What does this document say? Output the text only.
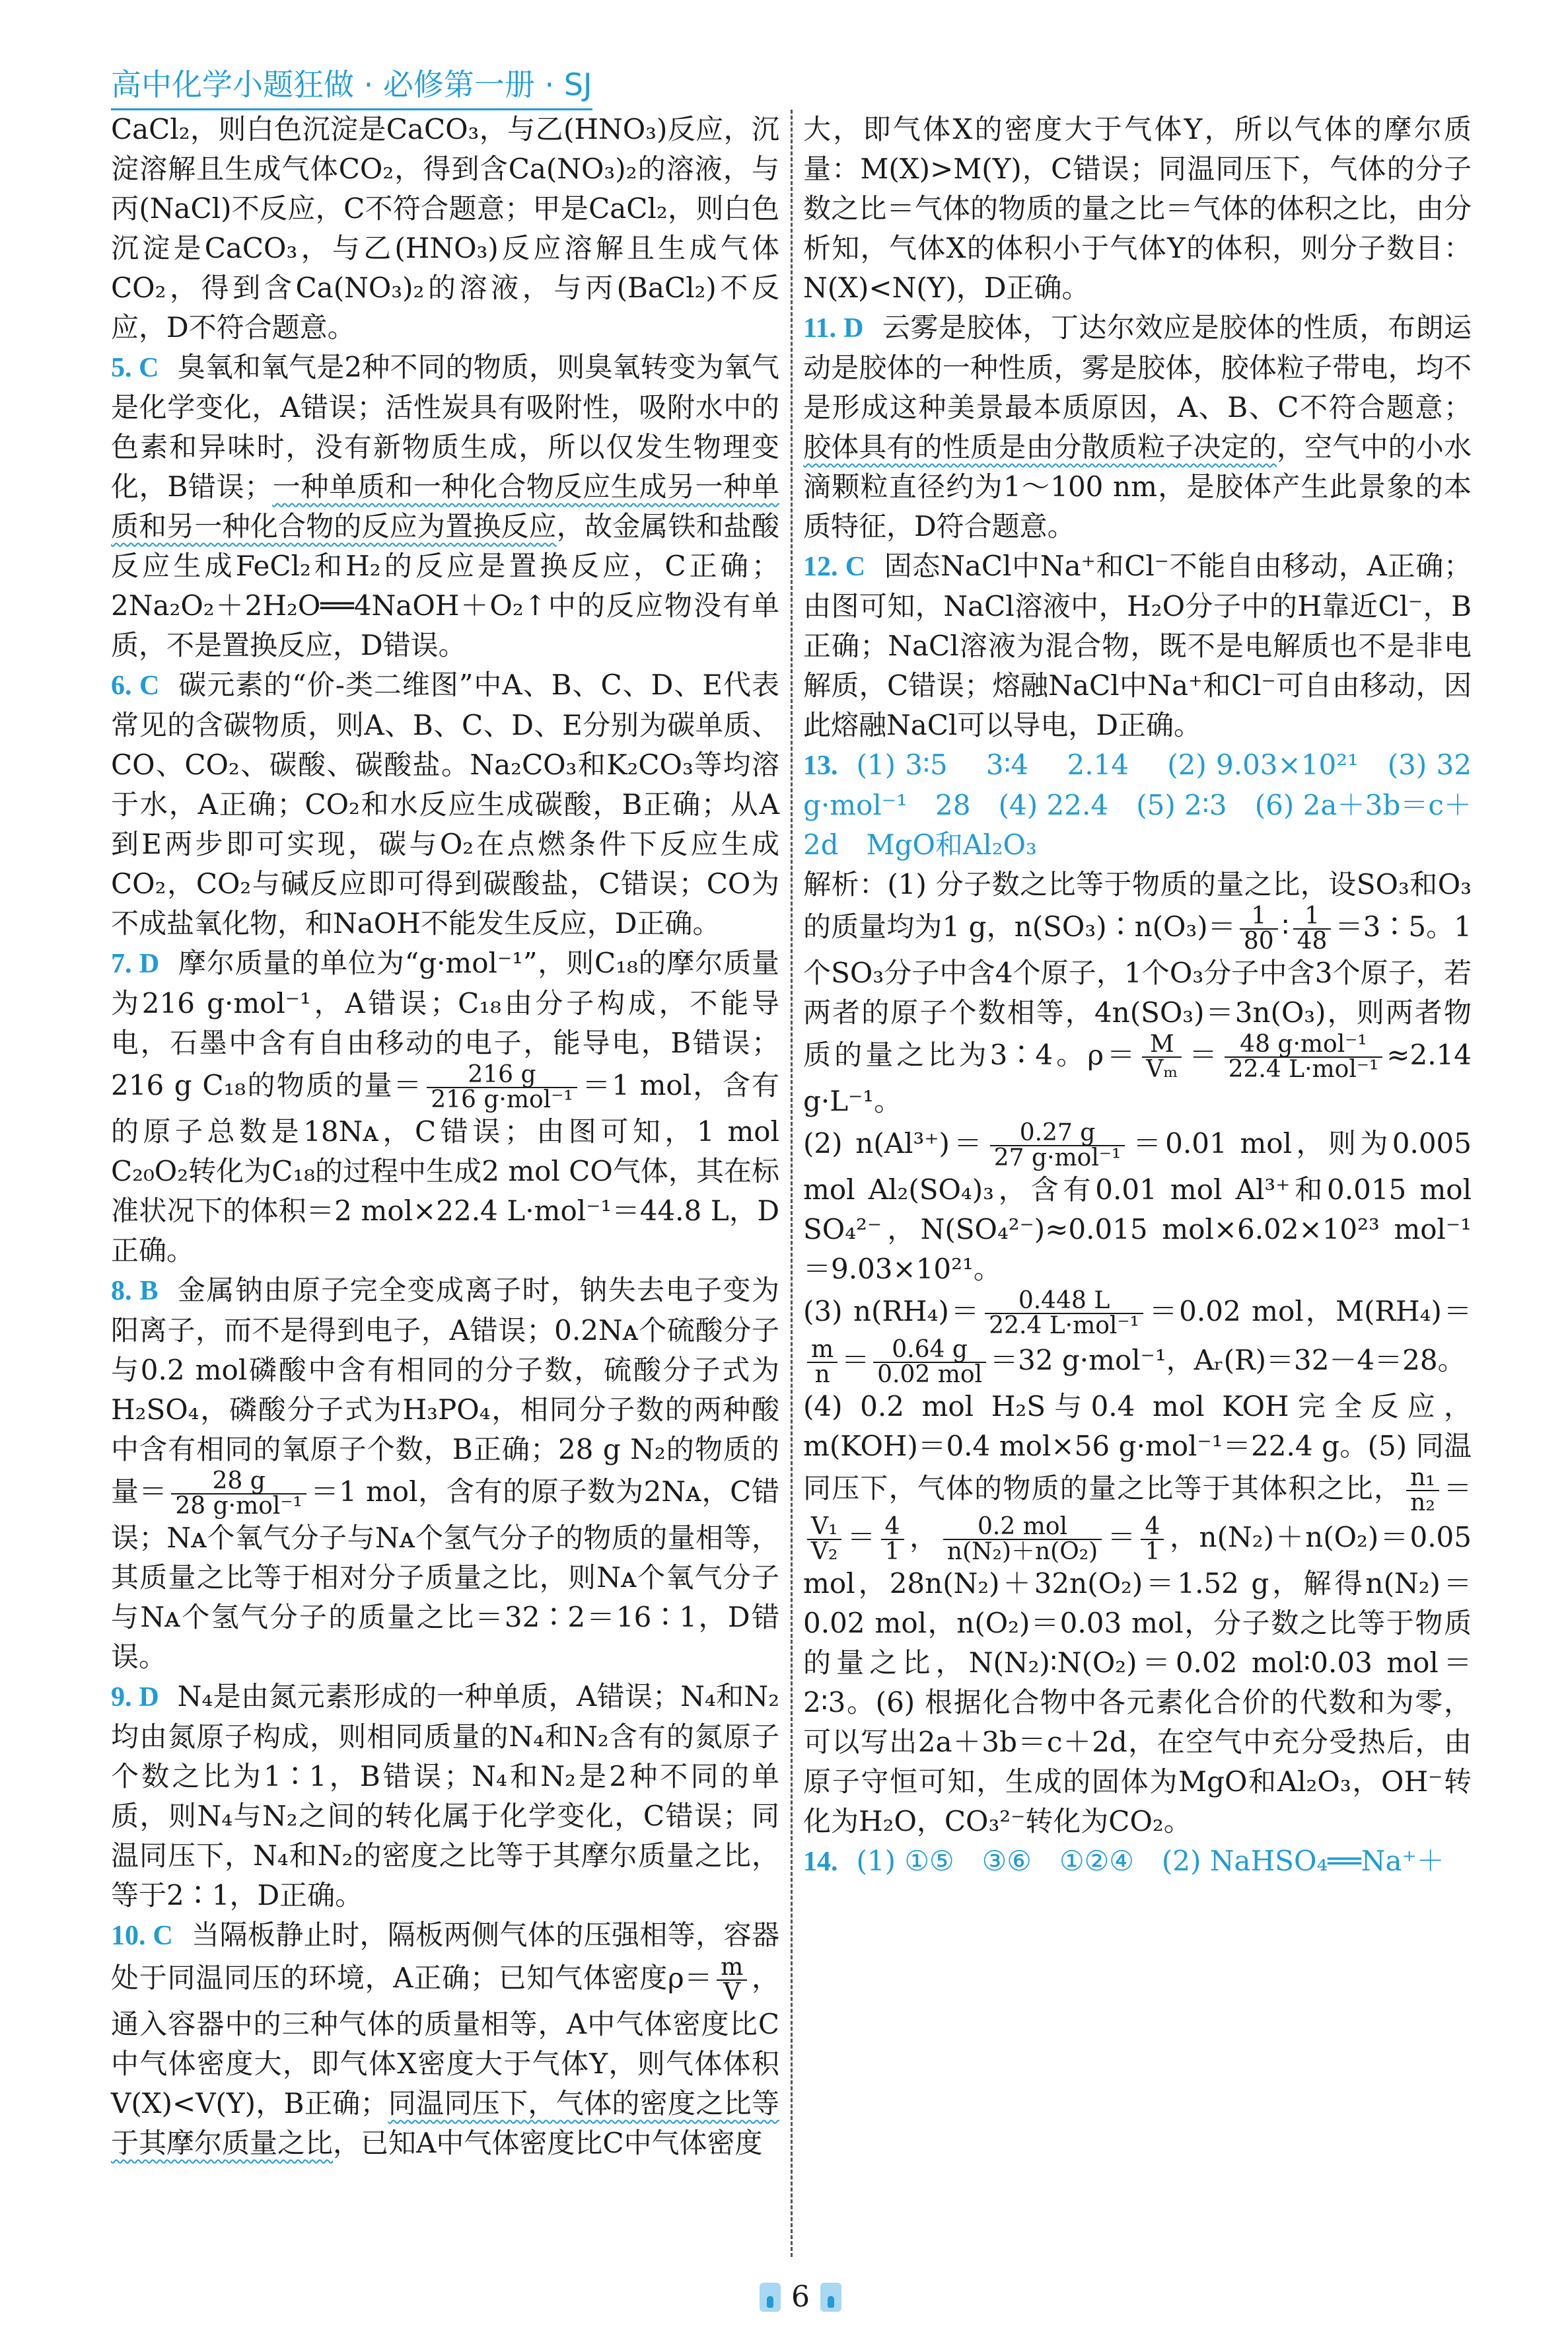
高中化学小题狂做 · 必修第一册 · SJ

CaCl₂，则白色沉淀是CaCO₃，与乙(HNO₃)反应，沉淀溶解且生成气体CO₂，得到含Ca(NO₃)₂的溶液，与丙(NaCl)不反应，C不符合题意；甲是CaCl₂，则白色沉淀是CaCO₃，与乙(HNO₃)反应溶解且生成气体CO₂，得到含Ca(NO₃)₂的溶液，与丙(BaCl₂)不反应，D不符合题意。

5. C 臭氧和氧气是2种不同的物质，则臭氧转变为氧气是化学变化，A错误；活性炭具有吸附性，吸附水中的色素和异味时，没有新物质生成，所以仅发生物理变化，B错误；一种单质和一种化合物反应生成另一种单质和另一种化合物的反应为置换反应，故金属铁和盐酸反应生成FeCl₂和H₂的反应是置换反应，C正确；2Na₂O₂＋2H₂O══4NaOH＋O₂↑中的反应物没有单质，不是置换反应，D错误。

6. C 碳元素的“价-类二维图”中A、B、C、D、E代表常见的含碳物质，则A、B、C、D、E分别为碳单质、CO、CO₂、碳酸、碳酸盐。Na₂CO₃和K₂CO₃等均溶于水，A正确；CO₂和水反应生成碳酸，B正确；从A到E两步即可实现，碳与O₂在点燃条件下反应生成CO₂，CO₂与碱反应即可得到碳酸盐，C错误；CO为不成盐氧化物，和NaOH不能发生反应，D正确。

7. D 摩尔质量的单位为“g·mol⁻¹”，则C₁₈的摩尔质量为216 g·mol⁻¹，A错误；C₁₈由分子构成，不能导电，石墨中含有自由移动的电子，能导电，B错误；216 g C₁₈的物质的量＝ $\frac{216 g}{\text{216 g·mol⁻¹}} =1$ mol，含有的原子总数是18Nᴀ，C错误；由图可知，1 mol C₂₀O₂转化为C₁₈的过程中生成2 mol CO气体，其在标准状况下的体积＝2 mol×22.4 L·mol⁻¹＝44.8 L，D正确。

8. B 金属钠由原子完全变成离子时，钠失去电子变为阳离子，而不是得到电子，A错误；0.2Nᴀ个硫酸分子与0.2 mol磷酸中含有相同的分子数，硫酸分子式为H₂SO₄，磷酸分子式为H₃PO₄，相同分子数的两种酸中含有相同的氧原子个数，B正确；28 g N₂的物质的量＝ $\frac{28 g}{\text{28 g·mol⁻¹}} =1$ mol，含有的原子数为2Nᴀ，C错误；Nᴀ个氧气分子与Nᴀ个氢气分子的物质的量相等，其质量之比等于相对分子质量之比，则Nᴀ个氧气分子与Nᴀ个氢气分子的质量之比＝32∶2＝16∶1，D错误。

9. D N₄是由氮元素形成的一种单质，A错误；N₄和N₂均由氮原子构成，则相同质量的N₄和N₂含有的氮原子个数之比为1∶1，B错误；N₄和N₂是2种不同的单质，则N₄与N₂之间的转化属于化学变化，C错误；同温同压下，N₄和N₂的密度之比等于其摩尔质量之比，等于2∶1，D正确。

10. C 当隔板静止时，隔板两侧气体的压强相等，容器处于同温同压的环境，A正确；已知气体密度$\rho= \frac{m}{V}$ ，通入容器中的三种气体的质量相等，A中气体密度比C中气体密度大，即气体X密度大于气体Y，则气体体积V(X)<V(Y)，B正确；同温同压下，气体的密度之比等于其摩尔质量之比，已知A中气体密度比C中气体密度

大，即气体X的密度大于气体Y，所以气体的摩尔质量：M(X)>M(Y)，C错误；同温同压下，气体的分子数之比＝气体的物质的量之比＝气体的体积之比，由分析知，气体X的体积小于气体Y的体积，则分子数目：N(X)<N(Y)，D正确。

11. D 云雾是胶体，丁达尔效应是胶体的性质，布朗运动是胶体的一种性质，雾是胶体，胶体粒子带电，均不是形成这种美景最本质原因，A、B、C不符合题意；胶体具有的性质是由分散质粒子决定的，空气中的小水滴颗粒直径约为1～100 nm，是胶体产生此景象的本质特征，D符合题意。

12. C 固态NaCl中Na⁺和Cl⁻不能自由移动，A正确；由图可知，NaCl溶液中，H₂O分子中的H靠近Cl⁻，B正确；NaCl溶液为混合物，既不是电解质也不是非电解质，C错误；熔融NaCl中Na⁺和Cl⁻可自由移动，因此熔融NaCl可以导电，D正确。

13. (1) 3∶5　 3∶4　 2.14　 (2) 9.03×10²¹　(3) 32 g·mol⁻¹　28　(4) 22.4　(5) 2∶3　(6) 2a＋3b＝c＋2d　MgO和Al₂O₃

解析：(1) 分子数之比等于物质的量之比，设SO₃和O₃的质量均为1 g，n(SO₃)∶n(O₃)＝ $\frac{1}{80}$ ∶ $\frac{1}{48}$ ＝3∶5。1个SO₃分子中含4个原子，1个O₃分子中含3个原子，若两者的原子个数相等，4n(SO₃)＝3n(O₃)，则两者物质的量之比为3∶4。$\rho= \frac{M}{\text{Vₘ}} = \frac{\text{48 g·mol⁻¹}}{\text{22.4 L·mol⁻¹}} \approx 2.14$ g·L⁻¹。

(2) $n(Al^{3+})= \frac{0.27 g}{\text{27 g·mol⁻¹}} =0.01$ mol，则为0.005 mol Al₂(SO₄)₃，含有0.01 mol Al³⁺和0.015 mol SO₄²⁻，N(SO₄²⁻)≈0.015 mol×6.02×10²³ mol⁻¹＝9.03×10²¹。

(3) $n(RH_4)= \frac{0.448 L}{\text{22.4 L·mol⁻¹}} =0.02$ mol，M(RH₄)＝
$\frac{m}{n} = \frac{0.64 g}{\text{0.02 mol}} =32$ g·mol⁻¹，Aᵣ(R)＝32－4＝28。

(4) 0.2 mol H₂S与0.4 mol KOH完全反应，m(KOH)＝0.4 mol×56 g·mol⁻¹＝22.4 g。(5) 同温同压下，气体的物质的量之比等于其体积之比， $\frac{\text{n₁}}{\text{n₂}}$ ＝
$\frac{\text{V₁}}{\text{V₂}} = \frac{4}{1}$ ， $\frac{\text{0.2 mol}}{\text{n(N₂)＋n(O₂)}} = \frac{4}{1}$ ，n(N₂)＋n(O₂)＝0.05 mol，28n(N₂)＋32n(O₂)＝1.52 g，解得n(N₂)＝0.02 mol，n(O₂)＝0.03 mol，分子数之比等于物质的量之比，N(N₂)∶N(O₂)＝0.02 mol∶0.03 mol＝2∶3。(6) 根据化合物中各元素化合价的代数和为零，可以写出2a＋3b＝c＋2d，在空气中充分受热后，由原子守恒可知，生成的固体为MgO和Al₂O₃，OH⁻转化为H₂O，CO₃²⁻转化为CO₂。

14. (1) ①⑤　③⑥　①②④　(2) NaHSO₄══Na⁺＋

6
